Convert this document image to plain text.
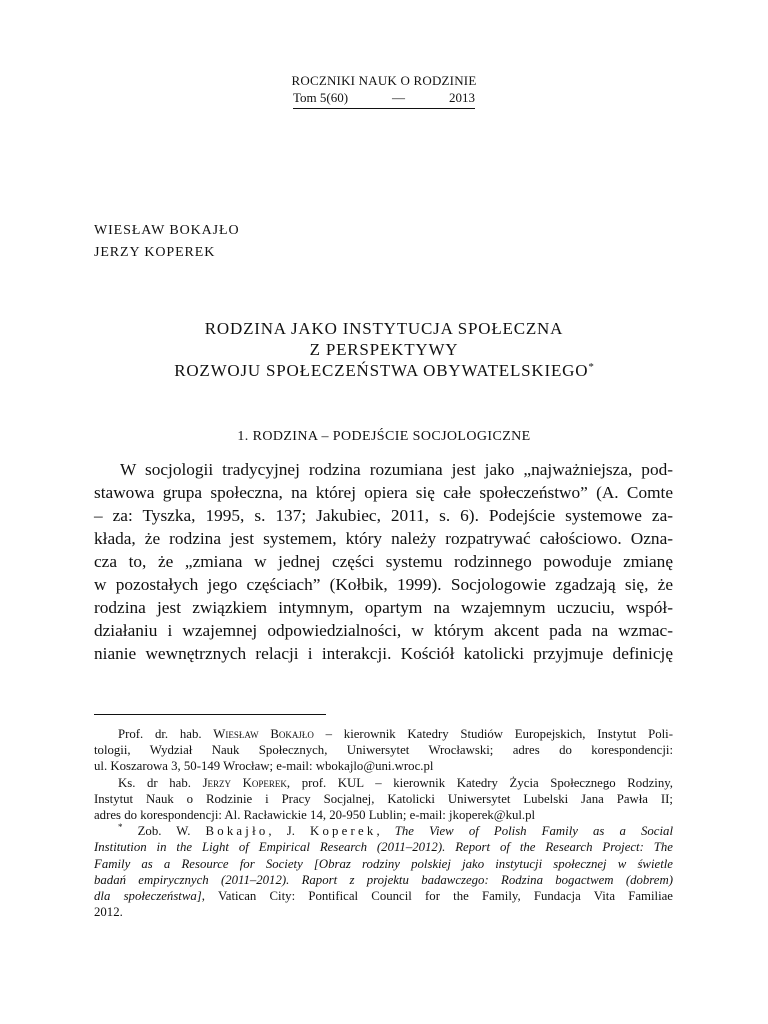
ROCZNIKI NAUK O RODZINIE
Tom 5(60)	—	2013
WIESŁAW BOKAJŁO
JERZY KOPEREK
RODZINA JAKO INSTYTUCJA SPOŁECZNA
Z PERSPEKTYWY
ROZWOJU SPOŁECZEŃSTWA OBYWATELSKIEGO*
1. RODZINA – PODEJŚCIE SOCJOLOGICZNE
W socjologii tradycyjnej rodzina rozumiana jest jako „najważniejsza, pod-
stawowa grupa społeczna, na której opiera się całe społeczeństwo” (A. Comte
– za: Tyszka, 1995, s. 137; Jakubiec, 2011, s. 6). Podejście systemowe za-
kłada, że rodzina jest systemem, który należy rozpatrywać całościowo. Ozna-
cza to, że „zmiana w jednej części systemu rodzinnego powoduje zmianę
w pozostałych jego częściach” (Kołbik, 1999). Socjologowie zgadzają się, że
rodzina jest związkiem intymnym, opartym na wzajemnym uczuciu, współ-
działaniu i wzajemnej odpowiedzialności, w którym akcent pada na wzmac-
nianie wewnętrznych relacji i interakcji. Kościół katolicki przyjmuje definicję
Prof. dr. hab. Wiesław Bokajło – kierownik Katedry Studiów Europejskich, Instytut Poli-
tologii, Wydział Nauk Społecznych, Uniwersytet Wrocławski; adres do korespondencji:
ul. Koszarowa 3, 50-149 Wrocław; e-mail: wbokajlo@uni.wroc.pl
Ks. dr hab. Jerzy Koperek, prof. KUL – kierownik Katedry Życia Społecznego Rodziny,
Instytut Nauk o Rodzinie i Pracy Socjalnej, Katolicki Uniwersytet Lubelski Jana Pawła II;
adres do korespondencji: Al. Racławickie 14, 20-950 Lublin; e-mail: jkoperek@kul.pl
* Zob. W. Bokajło, J. Koperek, The View of Polish Family as a Social
Institution in the Light of Empirical Research (2011–2012). Report of the Research Project: The
Family as a Resource for Society [Obraz rodziny polskiej jako instytucji społecznej w świetle
badań empirycznych (2011–2012). Raport z projektu badawczego: Rodzina bogactwem (dobrem)
dla społeczeństwa], Vatican City: Pontifical Council for the Family, Fundacja Vita Familiae
2012.
